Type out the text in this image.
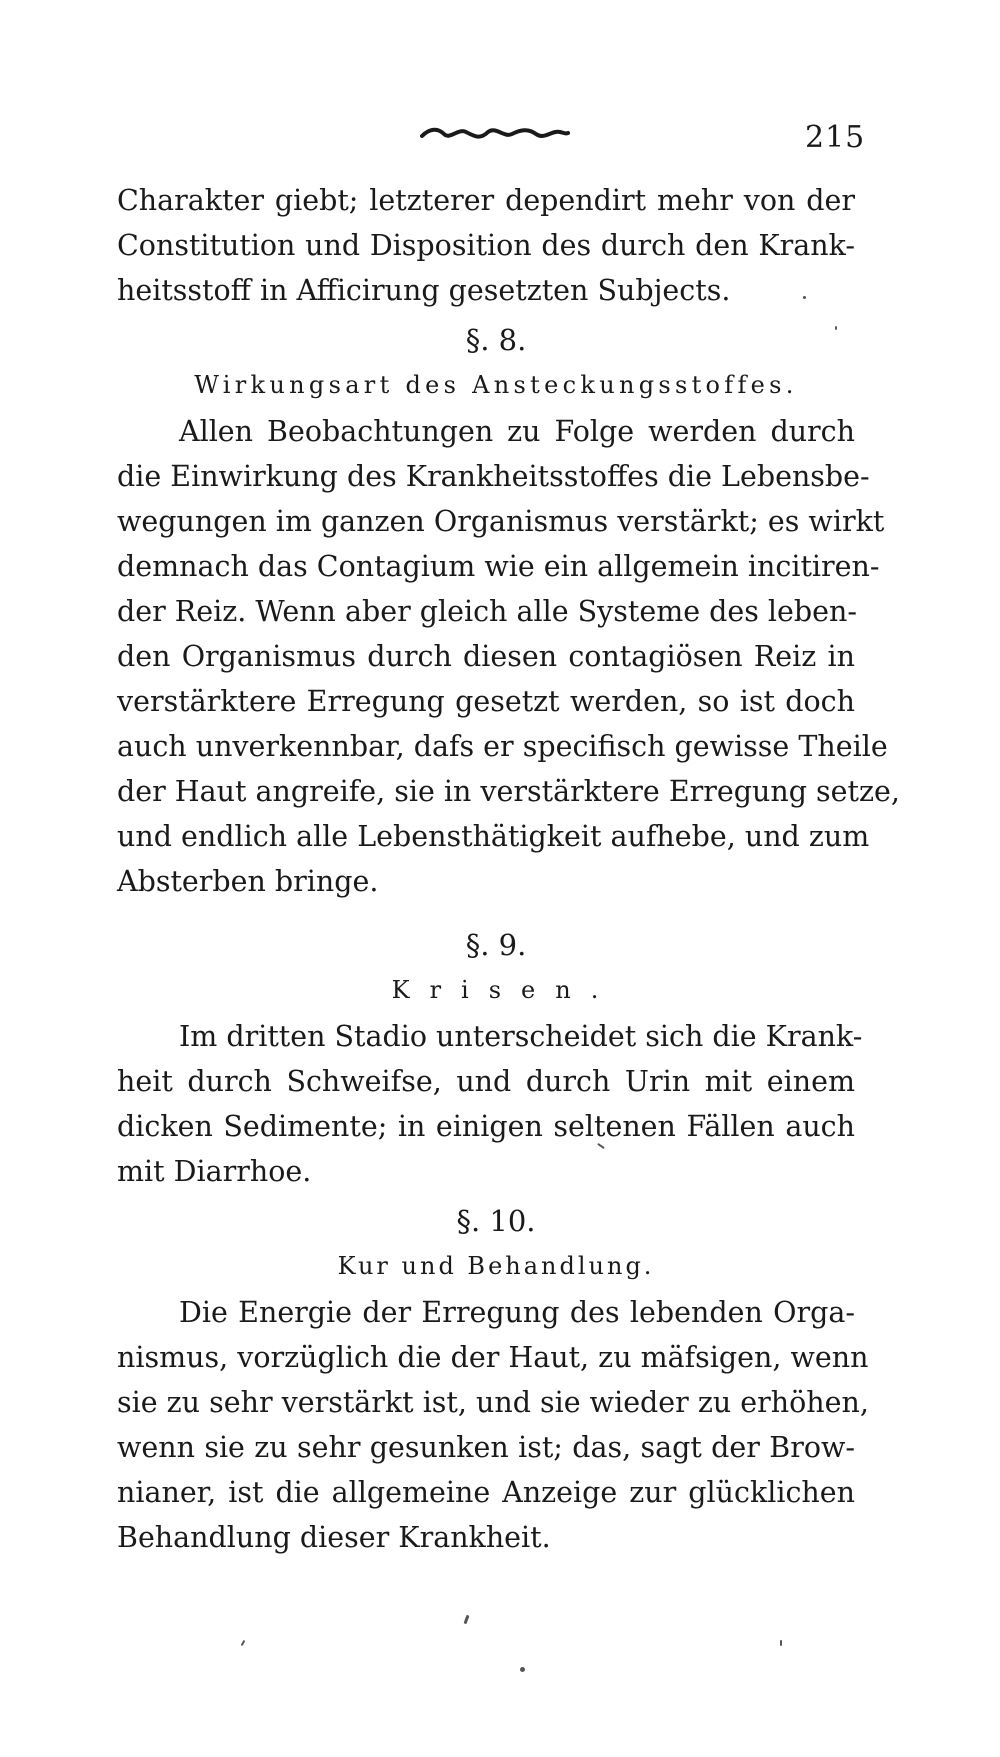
215
Charakter giebt; letzterer dependirt mehr von der
Constitution und Disposition des durch den Krank-
heitsstoff in Afficirung gesetzten Subjects.
§. 8.
Wirkungsart des Ansteckungsstoffes.
Allen Beobachtungen zu Folge werden durch
die Einwirkung des Krankheitsstoffes die Lebensbe-
wegungen im ganzen Organismus verstärkt; es wirkt
demnach das Contagium wie ein allgemein incitiren-
der Reiz. Wenn aber gleich alle Systeme des leben-
den Organismus durch diesen contagiösen Reiz in
verstärktere Erregung gesetzt werden, so ist doch
auch unverkennbar, dafs er specifisch gewisse Theile
der Haut angreife, sie in verstärktere Erregung setze,
und endlich alle Lebensthätigkeit aufhebe, und zum
Absterben bringe.
§. 9.
Krisen.
Im dritten Stadio unterscheidet sich die Krank-
heit durch Schweifse, und durch Urin mit einem
dicken Sedimente; in einigen seltenen Fällen auch
mit Diarrhoe.
§. 10.
Kur und Behandlung.
Die Energie der Erregung des lebenden Orga-
nismus, vorzüglich die der Haut, zu mäfsigen, wenn
sie zu sehr verstärkt ist, und sie wieder zu erhöhen,
wenn sie zu sehr gesunken ist; das, sagt der Brow-
nianer, ist die allgemeine Anzeige zur glücklichen
Behandlung dieser Krankheit.
